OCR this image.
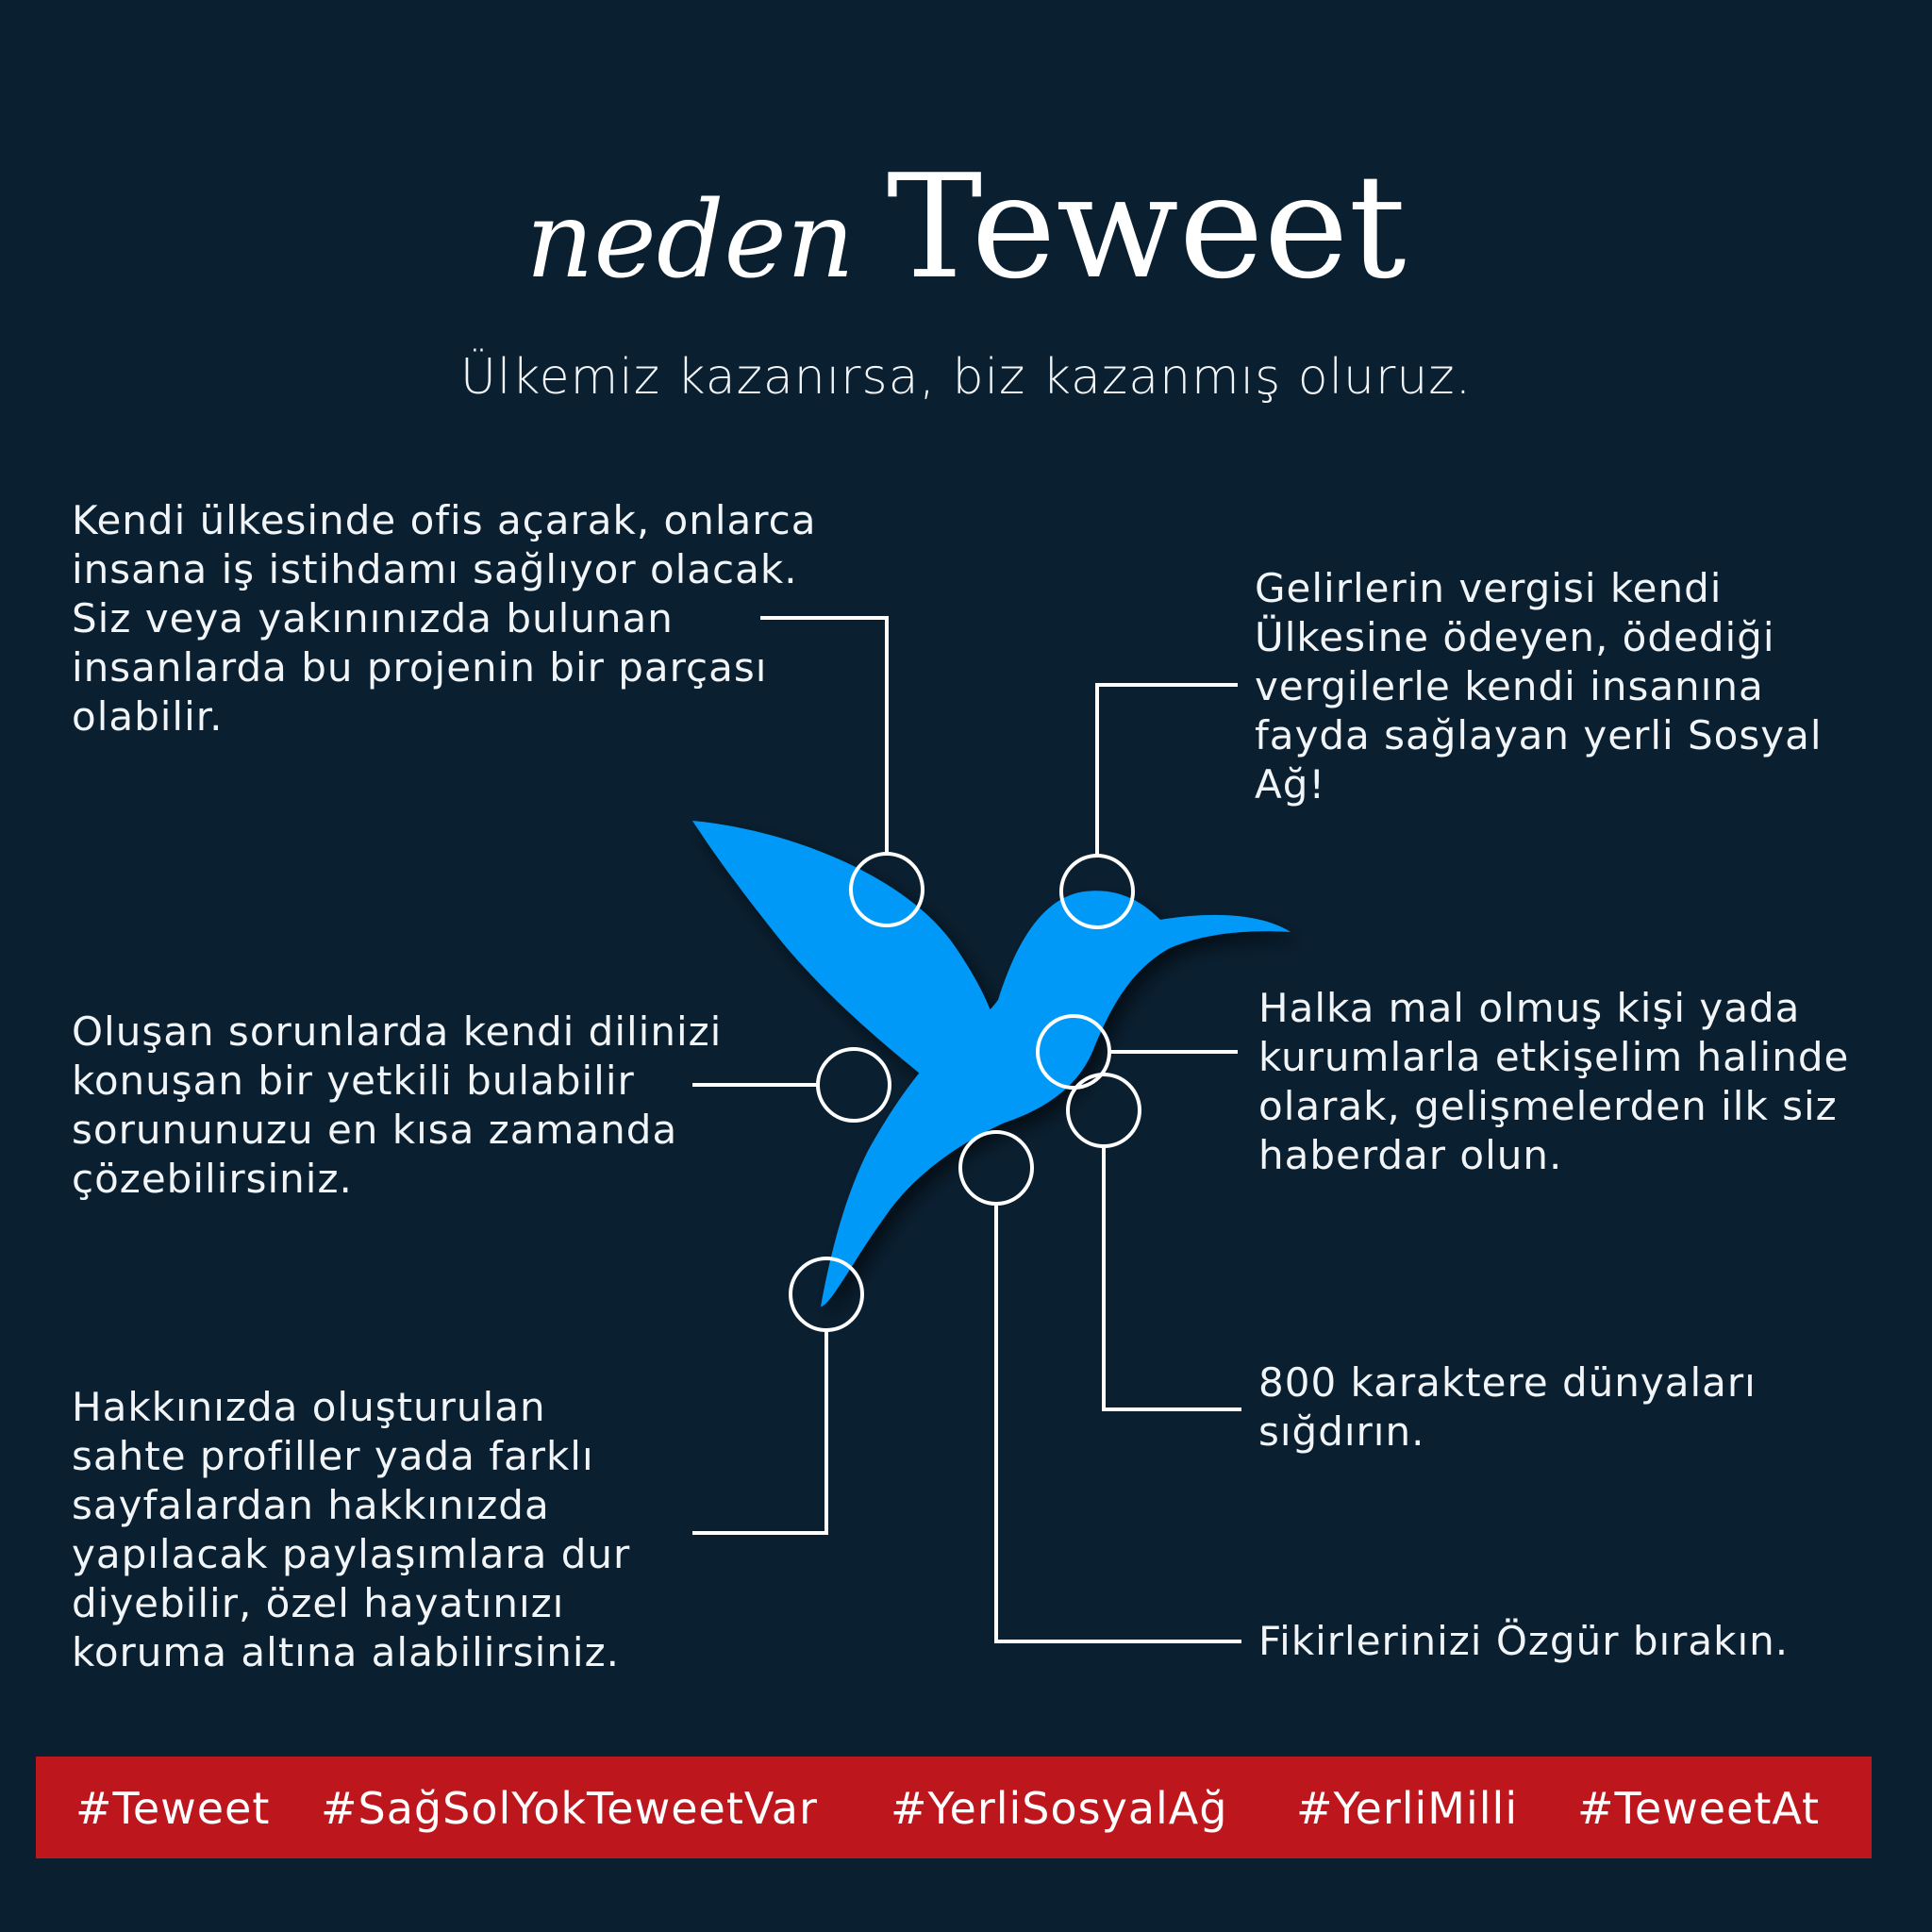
neden Teweet
Ülkemiz kazanırsa, biz kazanmış oluruz.
Kendi ülkesinde ofis açarak, onlarca
insana iş istihdamı sağlıyor olacak.
Siz veya yakınınızda bulunan
insanlarda bu projenin bir parçası
olabilir.
Oluşan sorunlarda kendi dilinizi
konuşan bir yetkili bulabilir
sorununuzu en kısa zamanda
çözebilirsiniz.
Hakkınızda oluşturulan
sahte profiller yada farklı
sayfalardan hakkınızda
yapılacak paylaşımlara dur
diyebilir, özel hayatınızı
koruma altına alabilirsiniz.
Gelirlerin vergisi kendi
Ülkesine ödeyen, ödediği
vergilerle kendi insanına
fayda sağlayan yerli Sosyal
Ağ!
Halka mal olmuş kişi yada
kurumlarla etkişelim halinde
olarak, gelişmelerden ilk siz
haberdar olun.
800 karaktere dünyaları
sığdırın.
Fikirlerinizi Özgür bırakın.
#Teweet #SağSolYokTeweetVar #YerliSosyalAğ #YerliMilli #TeweetAt
